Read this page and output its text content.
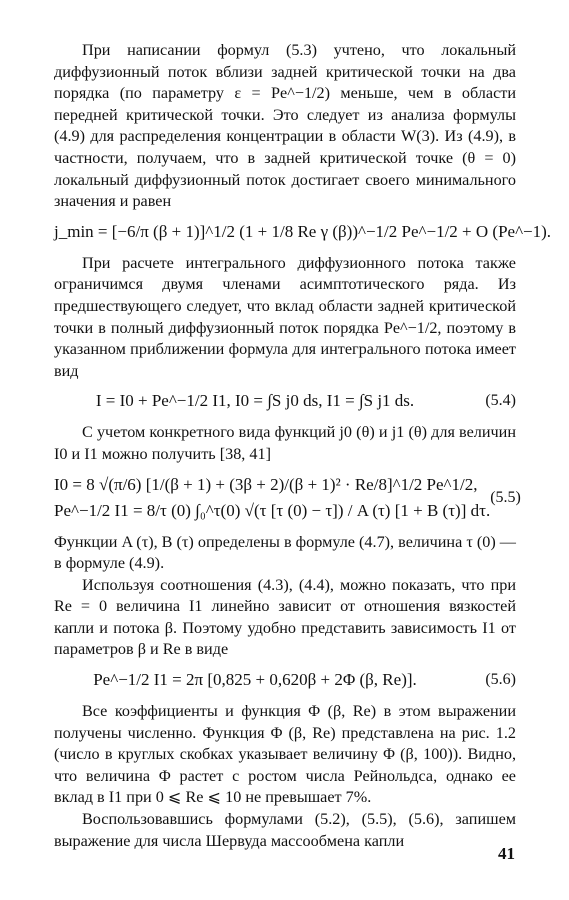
При написании формул (5.3) учтено, что локальный диффузионный поток вблизи задней критической точки на два порядка (по параметру ε = Pe^−1/2) меньше, чем в области передней критической точки. Это следует из анализа формулы (4.9) для распределения концентрации в области W(3). Из (4.9), в частности, получаем, что в задней критической точке (θ = 0) локальный диффузионный поток достигает своего минимального значения и равен

j_min = [−6/π (β + 1)]^1/2 (1 + 1/8 Re γ (β))^−1/2 Pe^−1/2 + O (Pe^−1).

При расчете интегрального диффузионного потока также ограничимся двумя членами асимптотического ряда. Из предшествующего следует, что вклад области задней критической точки в полный диффузионный поток порядка Pe^−1/2, поэтому в указанном приближении формула для интегрального потока имеет вид

I = I0 + Pe^−1/2 I1, I0 = ∫S j0 ds, I1 = ∫S j1 ds.	(5.4)

С учетом конкретного вида функций j0 (θ) и j1 (θ) для величин I0 и I1 можно получить [38, 41]

I0 = 8 √(π/6) [1/(β + 1) + (3β + 2)/(β + 1)² · Re/8]^1/2 Pe^1/2,
Pe^−1/2 I1 = 8/τ (0) ∫₀^τ(0) √(τ [τ (0) − τ]) / A (τ) [1 + B (τ)] dτ.
(5.5)

Функции A (τ), B (τ) определены в формуле (4.7), величина τ (0) — в формуле (4.9).

Используя соотношения (4.3), (4.4), можно показать, что при Re = 0 величина I1 линейно зависит от отношения вязкостей капли и потока β. Поэтому удобно представить зависимость I1 от параметров β и Re в виде

Pe^−1/2 I1 = 2π [0,825 + 0,620β + 2Φ (β, Re)].	(5.6)

Все коэффициенты и функция Φ (β, Re) в этом выражении получены численно. Функция Φ (β, Re) представлена на рис. 1.2 (число в круглых скобках указывает величину Φ (β, 100)). Видно, что величина Φ растет с ростом числа Рейнольдса, однако ее вклад в I1 при 0 ⩽ Re ⩽ 10 не превышает 7%.

Воспользовавшись формулами (5.2), (5.5), (5.6), запишем выражение для числа Шервуда массообмена капли

41
